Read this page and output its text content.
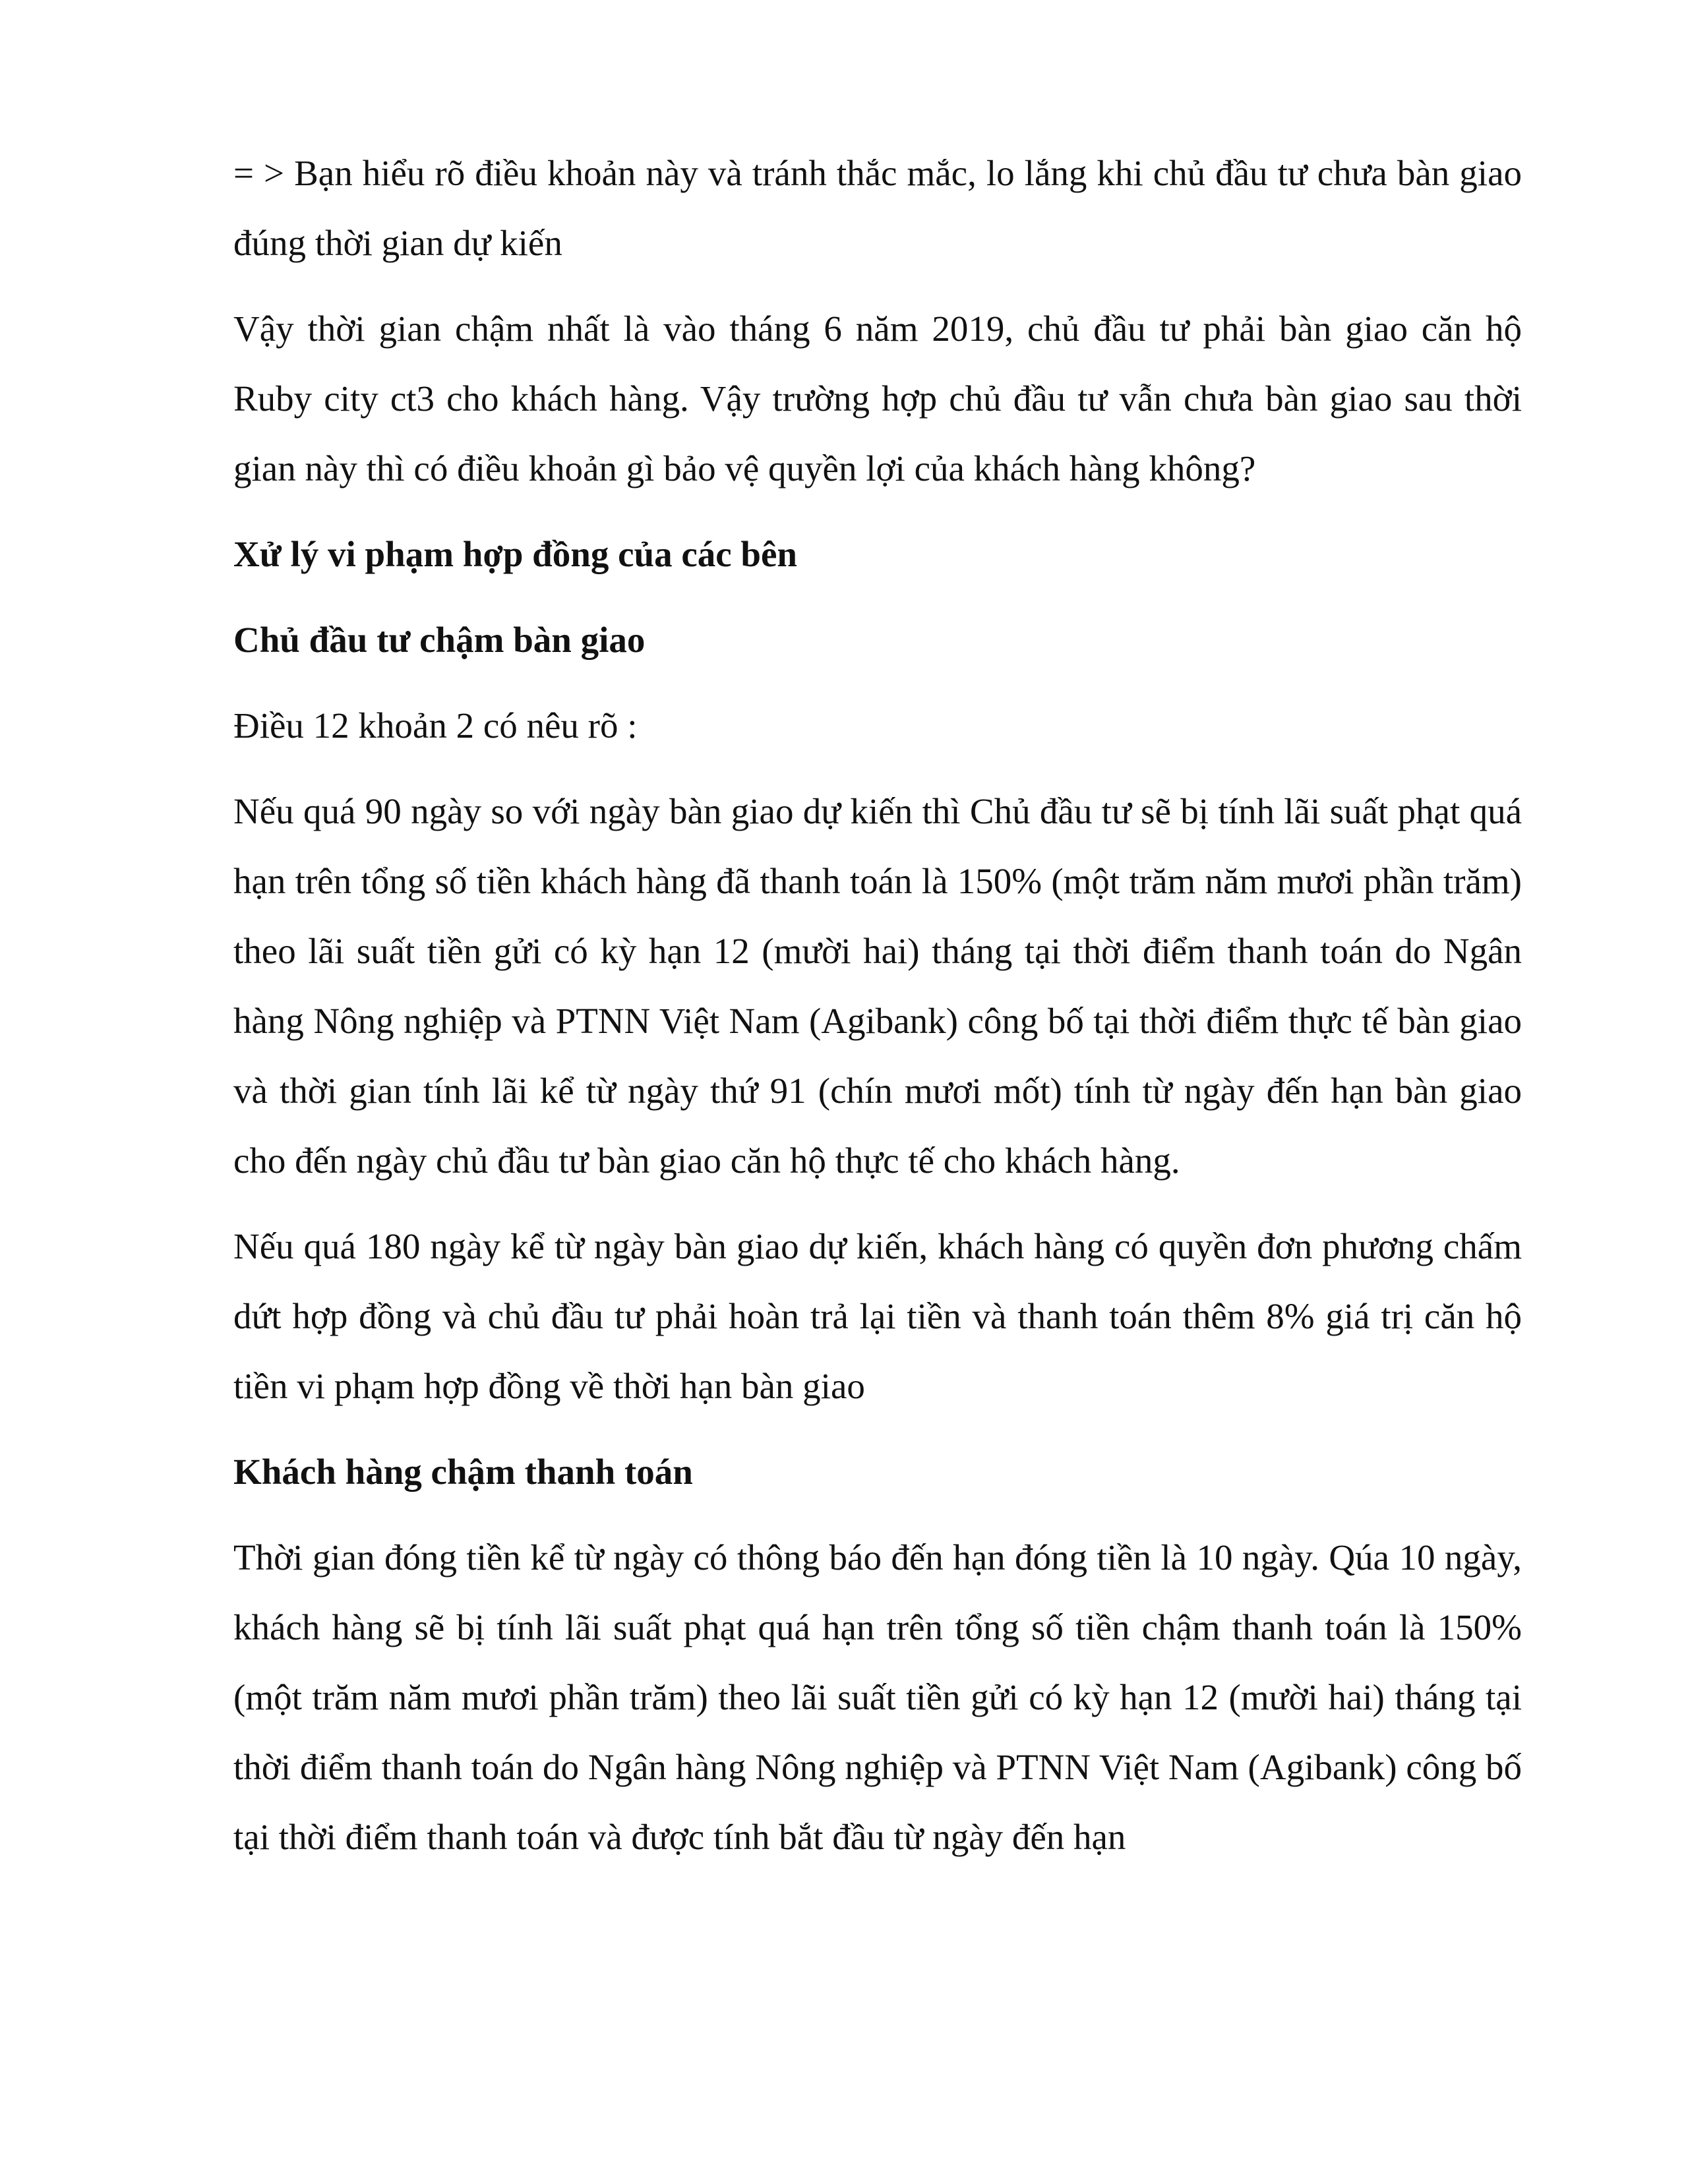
= > Bạn hiểu rõ điều khoản này và tránh thắc mắc, lo lắng khi chủ đầu tư chưa bàn giao đúng thời gian dự kiến

Vậy thời gian chậm nhất là vào tháng 6 năm 2019, chủ đầu tư phải bàn giao căn hộ Ruby city ct3 cho khách hàng. Vậy trường hợp chủ đầu tư vẫn chưa bàn giao sau thời gian này thì có điều khoản gì bảo vệ quyền lợi của khách hàng không?

Xử lý vi phạm hợp đồng của các bên

Chủ đầu tư chậm bàn giao

Điều 12 khoản 2 có nêu rõ :

Nếu quá 90 ngày so với ngày bàn giao dự kiến thì Chủ đầu tư sẽ bị tính lãi suất phạt quá hạn trên tổng số tiền khách hàng đã thanh toán là 150% (một trăm năm mươi phần trăm) theo lãi suất tiền gửi có kỳ hạn 12 (mười hai) tháng tại thời điểm thanh toán do Ngân hàng Nông nghiệp và PTNN Việt Nam (Agibank) công bố tại thời điểm thực tế bàn giao và thời gian tính lãi kể từ ngày thứ 91 (chín mươi mốt) tính từ ngày đến hạn bàn giao cho đến ngày chủ đầu tư bàn giao căn hộ thực tế cho khách hàng.

Nếu quá 180 ngày kể từ ngày bàn giao dự kiến, khách hàng có quyền đơn phương chấm dứt hợp đồng và chủ đầu tư phải hoàn trả lại tiền và thanh toán thêm 8% giá trị căn hộ tiền vi phạm hợp đồng về thời hạn bàn giao

Khách hàng chậm thanh toán

Thời gian đóng tiền kể từ ngày có thông báo đến hạn đóng tiền là 10 ngày. Qúa 10 ngày, khách hàng sẽ bị tính lãi suất phạt quá hạn trên tổng số tiền chậm thanh toán là 150% (một trăm năm mươi phần trăm) theo lãi suất tiền gửi có kỳ hạn 12 (mười hai) tháng tại thời điểm thanh toán do Ngân hàng Nông nghiệp và PTNN Việt Nam (Agibank) công bố tại thời điểm thanh toán và được tính bắt đầu từ ngày đến hạn
